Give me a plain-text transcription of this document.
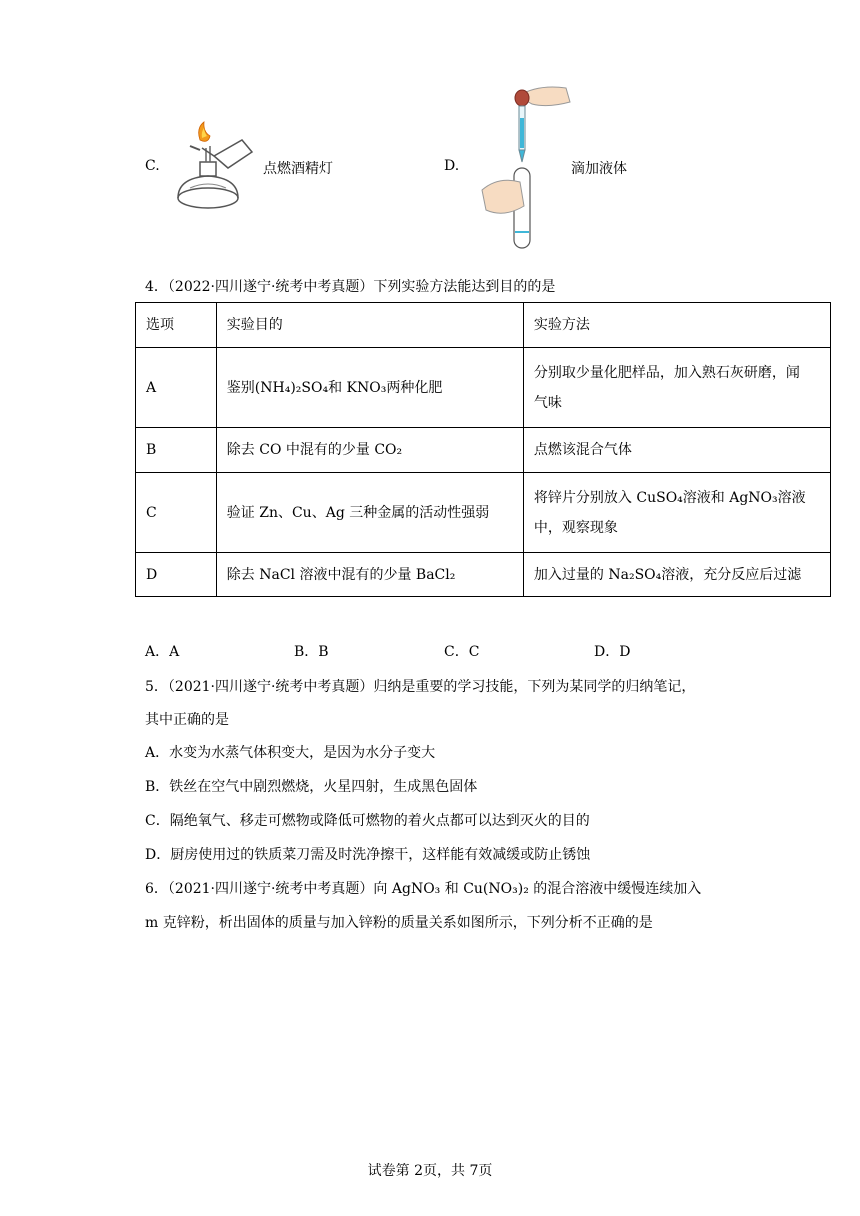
C.	点燃酒精灯	D.	滴加液体
4．（2022·四川遂宁·统考中考真题）下列实验方法能达到目的的是
选项	实验目的	实验方法
A	鉴别(NH₄)₂SO₄和 KNO₃两种化肥	分别取少量化肥样品，加入熟石灰研磨，闻
气味
B	除去 CO 中混有的少量 CO₂	点燃该混合气体
C	验证 Zn、Cu、Ag 三种金属的活动性强弱	将锌片分别放入 CuSO₄溶液和 AgNO₃溶液
中，观察现象
D	除去 NaCl 溶液中混有的少量 BaCl₂	加入过量的 Na₂SO₄溶液，充分反应后过滤
A．A	B．B	C．C	D．D
5．（2021·四川遂宁·统考中考真题）归纳是重要的学习技能，下列为某同学的归纳笔记，
其中正确的是
A．水变为水蒸气体积变大，是因为水分子变大
B．铁丝在空气中剧烈燃烧，火星四射，生成黑色固体
C．隔绝氧气、移走可燃物或降低可燃物的着火点都可以达到灭火的目的
D．厨房使用过的铁质菜刀需及时洗净擦干，这样能有效减缓或防止锈蚀
6．（2021·四川遂宁·统考中考真题）向 AgNO₃ 和 Cu(NO₃)₂ 的混合溶液中缓慢连续加入
m 克锌粉，析出固体的质量与加入锌粉的质量关系如图所示，下列分析不正确的是
试卷第 2页，共 7页
